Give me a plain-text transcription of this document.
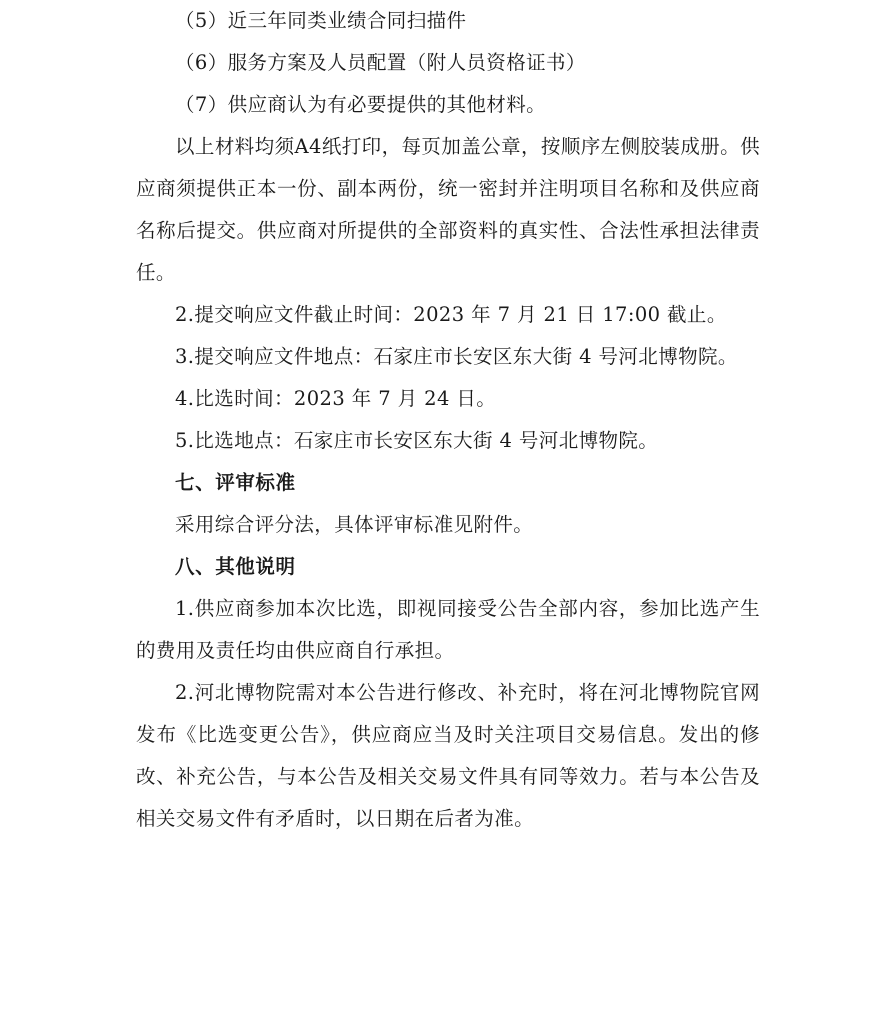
（5）近三年同类业绩合同扫描件

（6）服务方案及人员配置（附人员资格证书）

（7）供应商认为有必要提供的其他材料。

以上材料均须A4纸打印，每页加盖公章，按顺序左侧胶装成册。供应商须提供正本一份、副本两份，统一密封并注明项目名称和及供应商名称后提交。供应商对所提供的全部资料的真实性、合法性承担法律责任。

2.提交响应文件截止时间：2023 年 7 月 21 日 17:00 截止。

3.提交响应文件地点：石家庄市长安区东大街 4 号河北博物院。

4.比选时间：2023 年 7 月 24 日。

5.比选地点：石家庄市长安区东大街 4 号河北博物院。

七、评审标准

采用综合评分法，具体评审标准见附件。

八、其他说明

1.供应商参加本次比选，即视同接受公告全部内容，参加比选产生的费用及责任均由供应商自行承担。

2.河北博物院需对本公告进行修改、补充时，将在河北博物院官网发布《比选变更公告》，供应商应当及时关注项目交易信息。发出的修改、补充公告，与本公告及相关交易文件具有同等效力。若与本公告及相关交易文件有矛盾时，以日期在后者为准。
